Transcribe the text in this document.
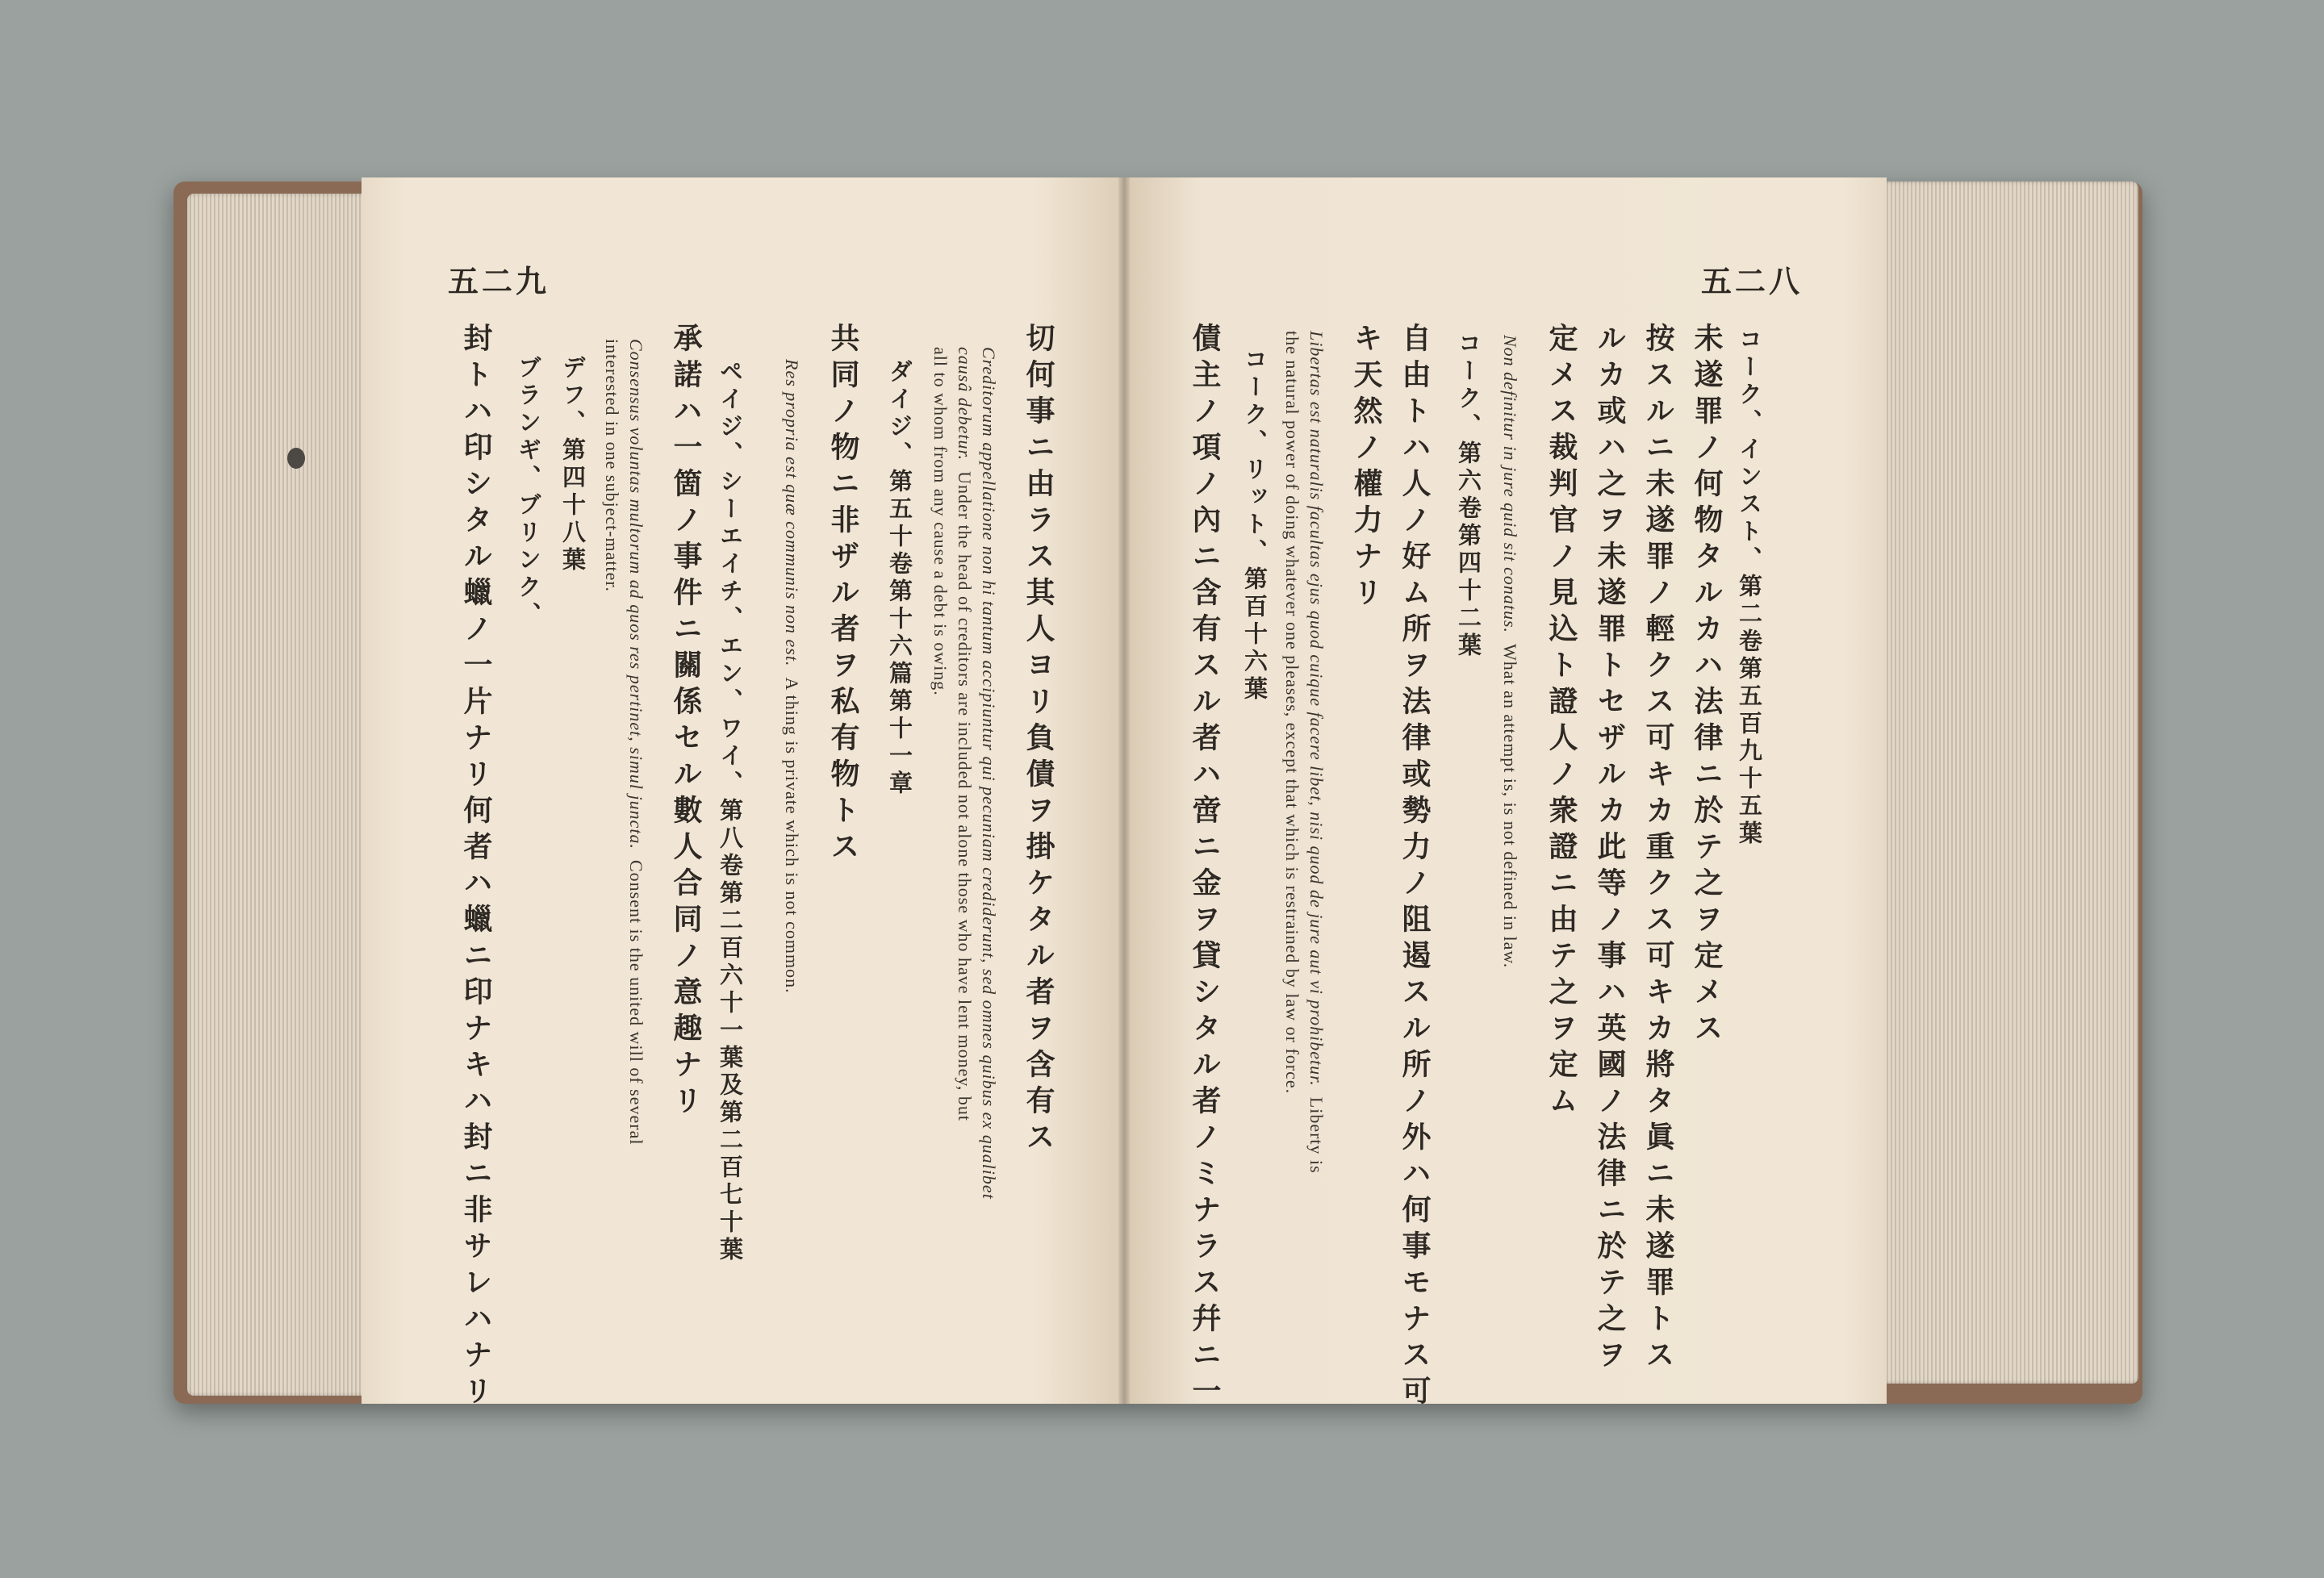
五二九	五二八
コーク、インスト、第二卷第五百九十五葉
未遂罪ノ何物タルカハ法律ニ於テ之ヲ定メス
按スルニ未遂罪ノ輕クス可キカ重クス可キカ將タ眞ニ未遂罪トス
ルカ或ハ之ヲ未遂罪トセザルカ此等ノ事ハ英國ノ法律ニ於テ之ヲ
定メス裁判官ノ見込ト證人ノ衆證ニ由テ之ヲ定ム
Non definitur in jure quid sit conatus.  What an attempt is, is not defined in law.
コーク、第六卷第四十二葉
自由トハ人ノ好ム所ヲ法律或勢力ノ阻遏スル所ノ外ハ何事モナス可
キ天然ノ權力ナリ
Libertas est naturalis facultas ejus quod cuique facere libet, nisi quod de jure aut vi prohibetur.  Liberty is
the natural power of doing whatever one pleases, except that which is restrained by law or force.
コーク、リット、第百十六葉
債主ノ項ノ內ニ含有スル者ハ啻ニ金ヲ貸シタル者ノミナラス幷ニ一
切何事ニ由ラス其人ヨリ負債ヲ掛ケタル者ヲ含有ス
Creditorum appellatione non hi tantum accipiuntur qui pecuniam crediderunt, sed omnes quibus ex qualibet
causâ debetur.  Under the head of creditors are included not alone those who have lent money, but
all to whom from any cause a debt is owing.
ダイジ、第五十卷第十六篇第十一章
共同ノ物ニ非ザル者ヲ私有物トス
Res propria est quæ communis non est.  A thing is private which is not common.
ペイジ、シーエイチ、エン、ワイ、第八卷第二百六十一葉及第二百七十葉
承諾ハ一箇ノ事件ニ關係セル數人合同ノ意趣ナリ
Consensus voluntas multorum ad quos res pertinet, simul juncta.  Consent is the united will of several
interested in one subject-matter.
デフ、第四十八葉
ブランギ、ブリンク、
封トハ印シタル蠟ノ一片ナリ何者ハ蠟ニ印ナキハ封ニ非サレハナリ
